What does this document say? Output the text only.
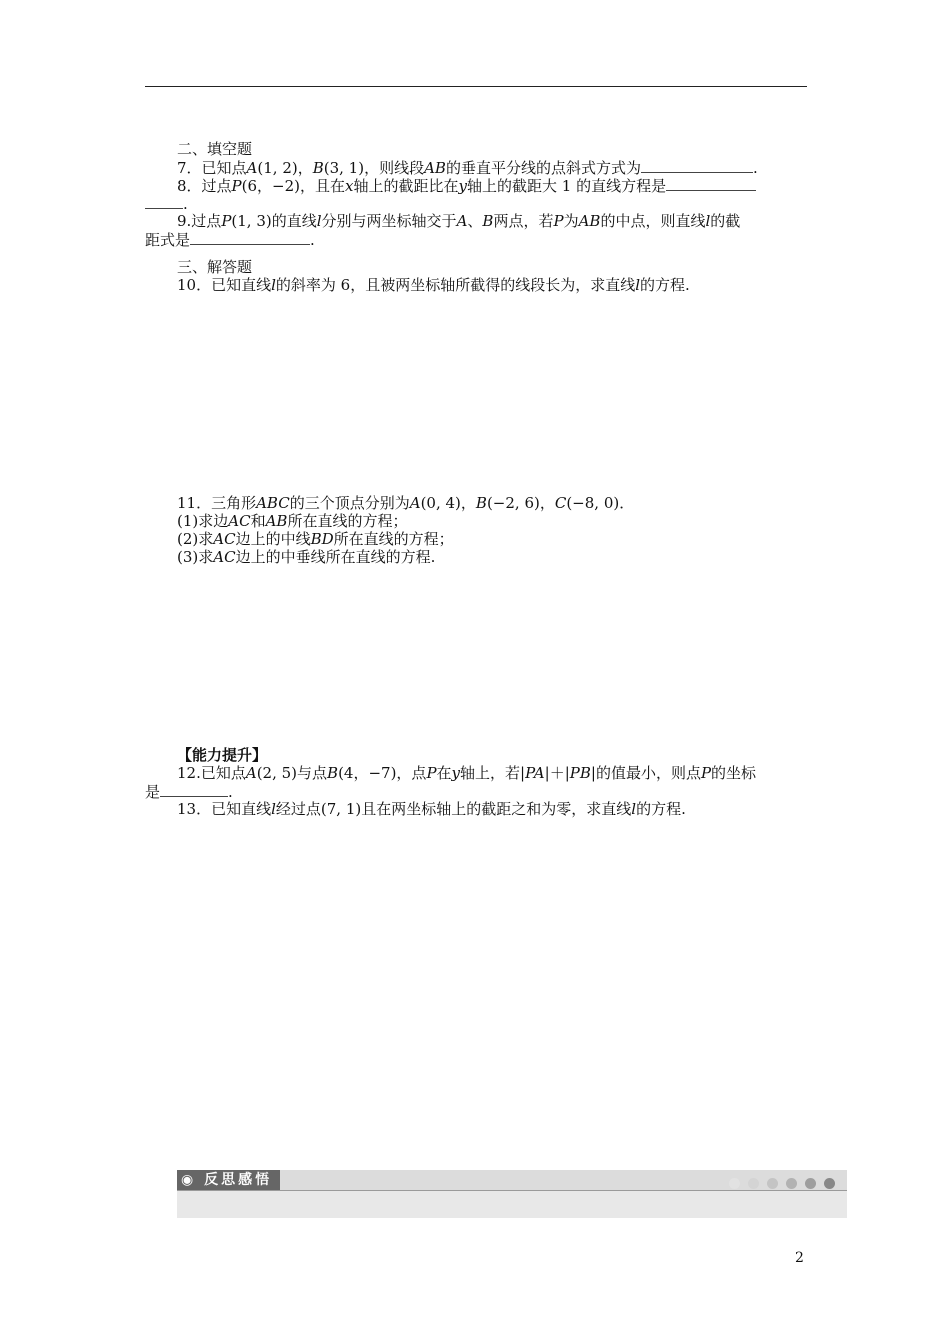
二、填空题
7．已知点A(1, 2)，B(3, 1)，则线段AB的垂直平分线的点斜式方式为	.
8．过点P(6，−2)，且在x轴上的截距比在y轴上的截距大 1 的直线方程是
.
9.过点P(1, 3)的直线l分别与两坐标轴交于A、B两点，若P为AB的中点，则直线l的截
距式是	.
三、解答题
10．已知直线l的斜率为 6，且被两坐标轴所截得的线段长为，求直线l的方程.
11．三角形ABC的三个顶点分别为A(0, 4)，B(−2, 6)，C(−8, 0)．
(1)求边AC和AB所在直线的方程；
(2)求AC边上的中线BD所在直线的方程；
(3)求AC边上的中垂线所在直线的方程.
【能力提升】
12.已知点A(2, 5)与点B(4，−7)，点P在y轴上，若|PA|＋|PB|的值最小，则点P的坐标
是	.
13．已知直线l经过点(7, 1)且在两坐标轴上的截距之和为零，求直线l的方程.
◉ 反思感悟
2
